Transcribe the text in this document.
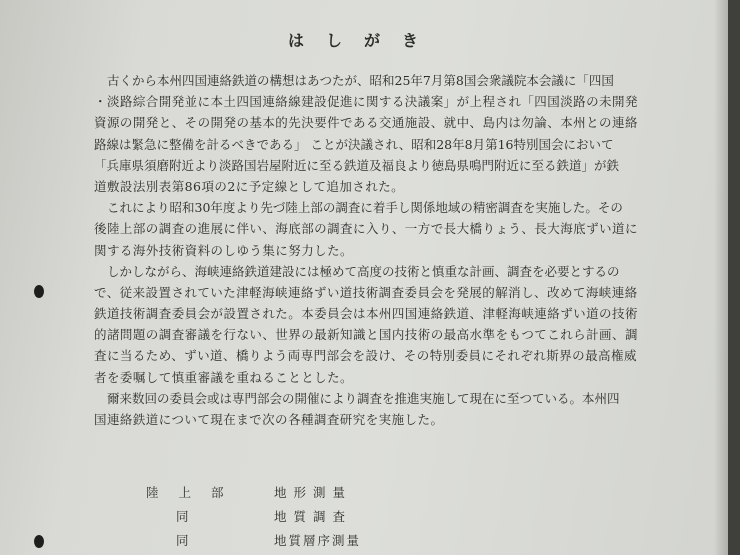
はしがき
古くから本州四国連絡鉄道の構想はあつたが、昭和25年7月第8国会衆議院本会議に「四国
・淡路綜合開発並に本土四国連絡線建設促進に関する決議案」が上程され「四国淡路の未開発
資源の開発と、その開発の基本的先決要件である交通施設、就中、島内は勿論、本州との連絡
路線は緊急に整備を計るべきである」 ことが決議され、昭和28年8月第16特別国会において
「兵庫県須磨附近より淡路国岩屋附近に至る鉄道及福良より徳島県鳴門附近に至る鉄道」が鉄
道敷設法別表第86項の2に予定線として追加された。
これにより昭和30年度より先づ陸上部の調査に着手し関係地域の精密調査を実施した。その
後陸上部の調査の進展に伴い、海底部の調査に入り、一方で長大橋りょう、長大海底ずい道に
関する海外技術資料のしゆう集に努力した。
しかしながら、海峡連絡鉄道建設には極めて高度の技術と慎重な計画、調査を必要とするの
で、従来設置されていた津軽海峡連絡ずい道技術調査委員会を発展的解消し、改めて海峡連絡
鉄道技術調査委員会が設置された。本委員会は本州四国連絡鉄道、津軽海峡連絡ずい道の技術
的諸問題の調査審議を行ない、世界の最新知識と国内技術の最高水準をもつてこれら計画、調
査に当るため、ずい道、橋りよう両専門部会を設け、その特別委員にそれぞれ斯界の最高権威
者を委嘱して慎重審議を重ねることとした。
爾来数回の委員会或は専門部会の開催により調査を推進実施して現在に至つている。本州四
国連絡鉄道について現在まで次の各種調査研究を実施した。
陸上部 地形測量
同	地質調査
同	地質層序測量
